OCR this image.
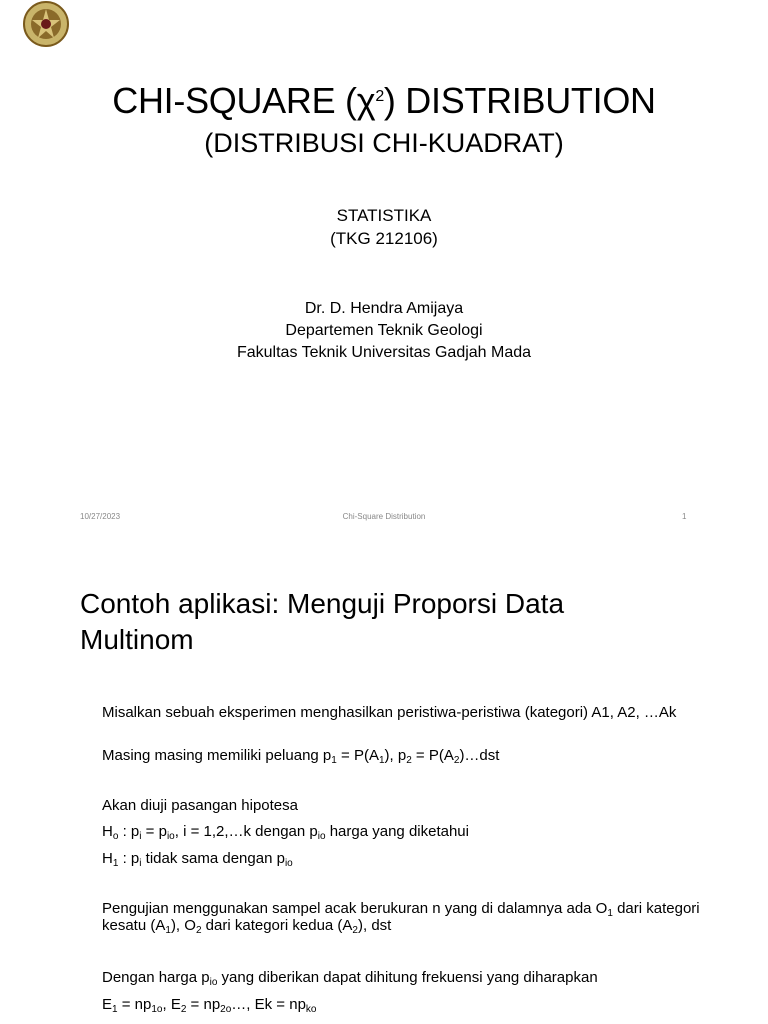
CHI-SQUARE $(\chi^2)$ DISTRIBUTION
(DISTRIBUSI CHI-KUADRAT)
STATISTIKA
(TKG 212106)
Dr. D. Hendra Amijaya
Departemen Teknik Geologi
Fakultas Teknik Universitas Gadjah Mada
10/27/2023	Chi-Square Distribution	1
Contoh aplikasi: Menguji Proporsi Data Multinom
Misalkan sebuah eksperimen menghasilkan peristiwa-peristiwa (kategori) A1, A2, …Ak
Masing masing memiliki peluang $p_1 = P(A_1)$, $p_2$ = $P(A_2)\dots dst$
Akan diuji pasangan hipotesa
$H_o$ : $p_i = p_{io}$, i = 1,2,…k dengan $p_{io}$ harga yang diketahui
$H_1$ : $p_i$ tidak sama dengan $p_{io}$
Pengujian menggunakan sampel acak berukuran n yang di dalamnya ada $O_1$ dari kategori kesatu $(A_1)$, $O_2$ dari kategori kedua $(A_2)$, dst
Dengan harga $p_{io}$ yang diberikan dapat dihitung frekuensi yang diharapkan
$E_1 = np_{1o}$, $E_2$ = $np_{2o}\dots$, $Ek = np_{ko}$
